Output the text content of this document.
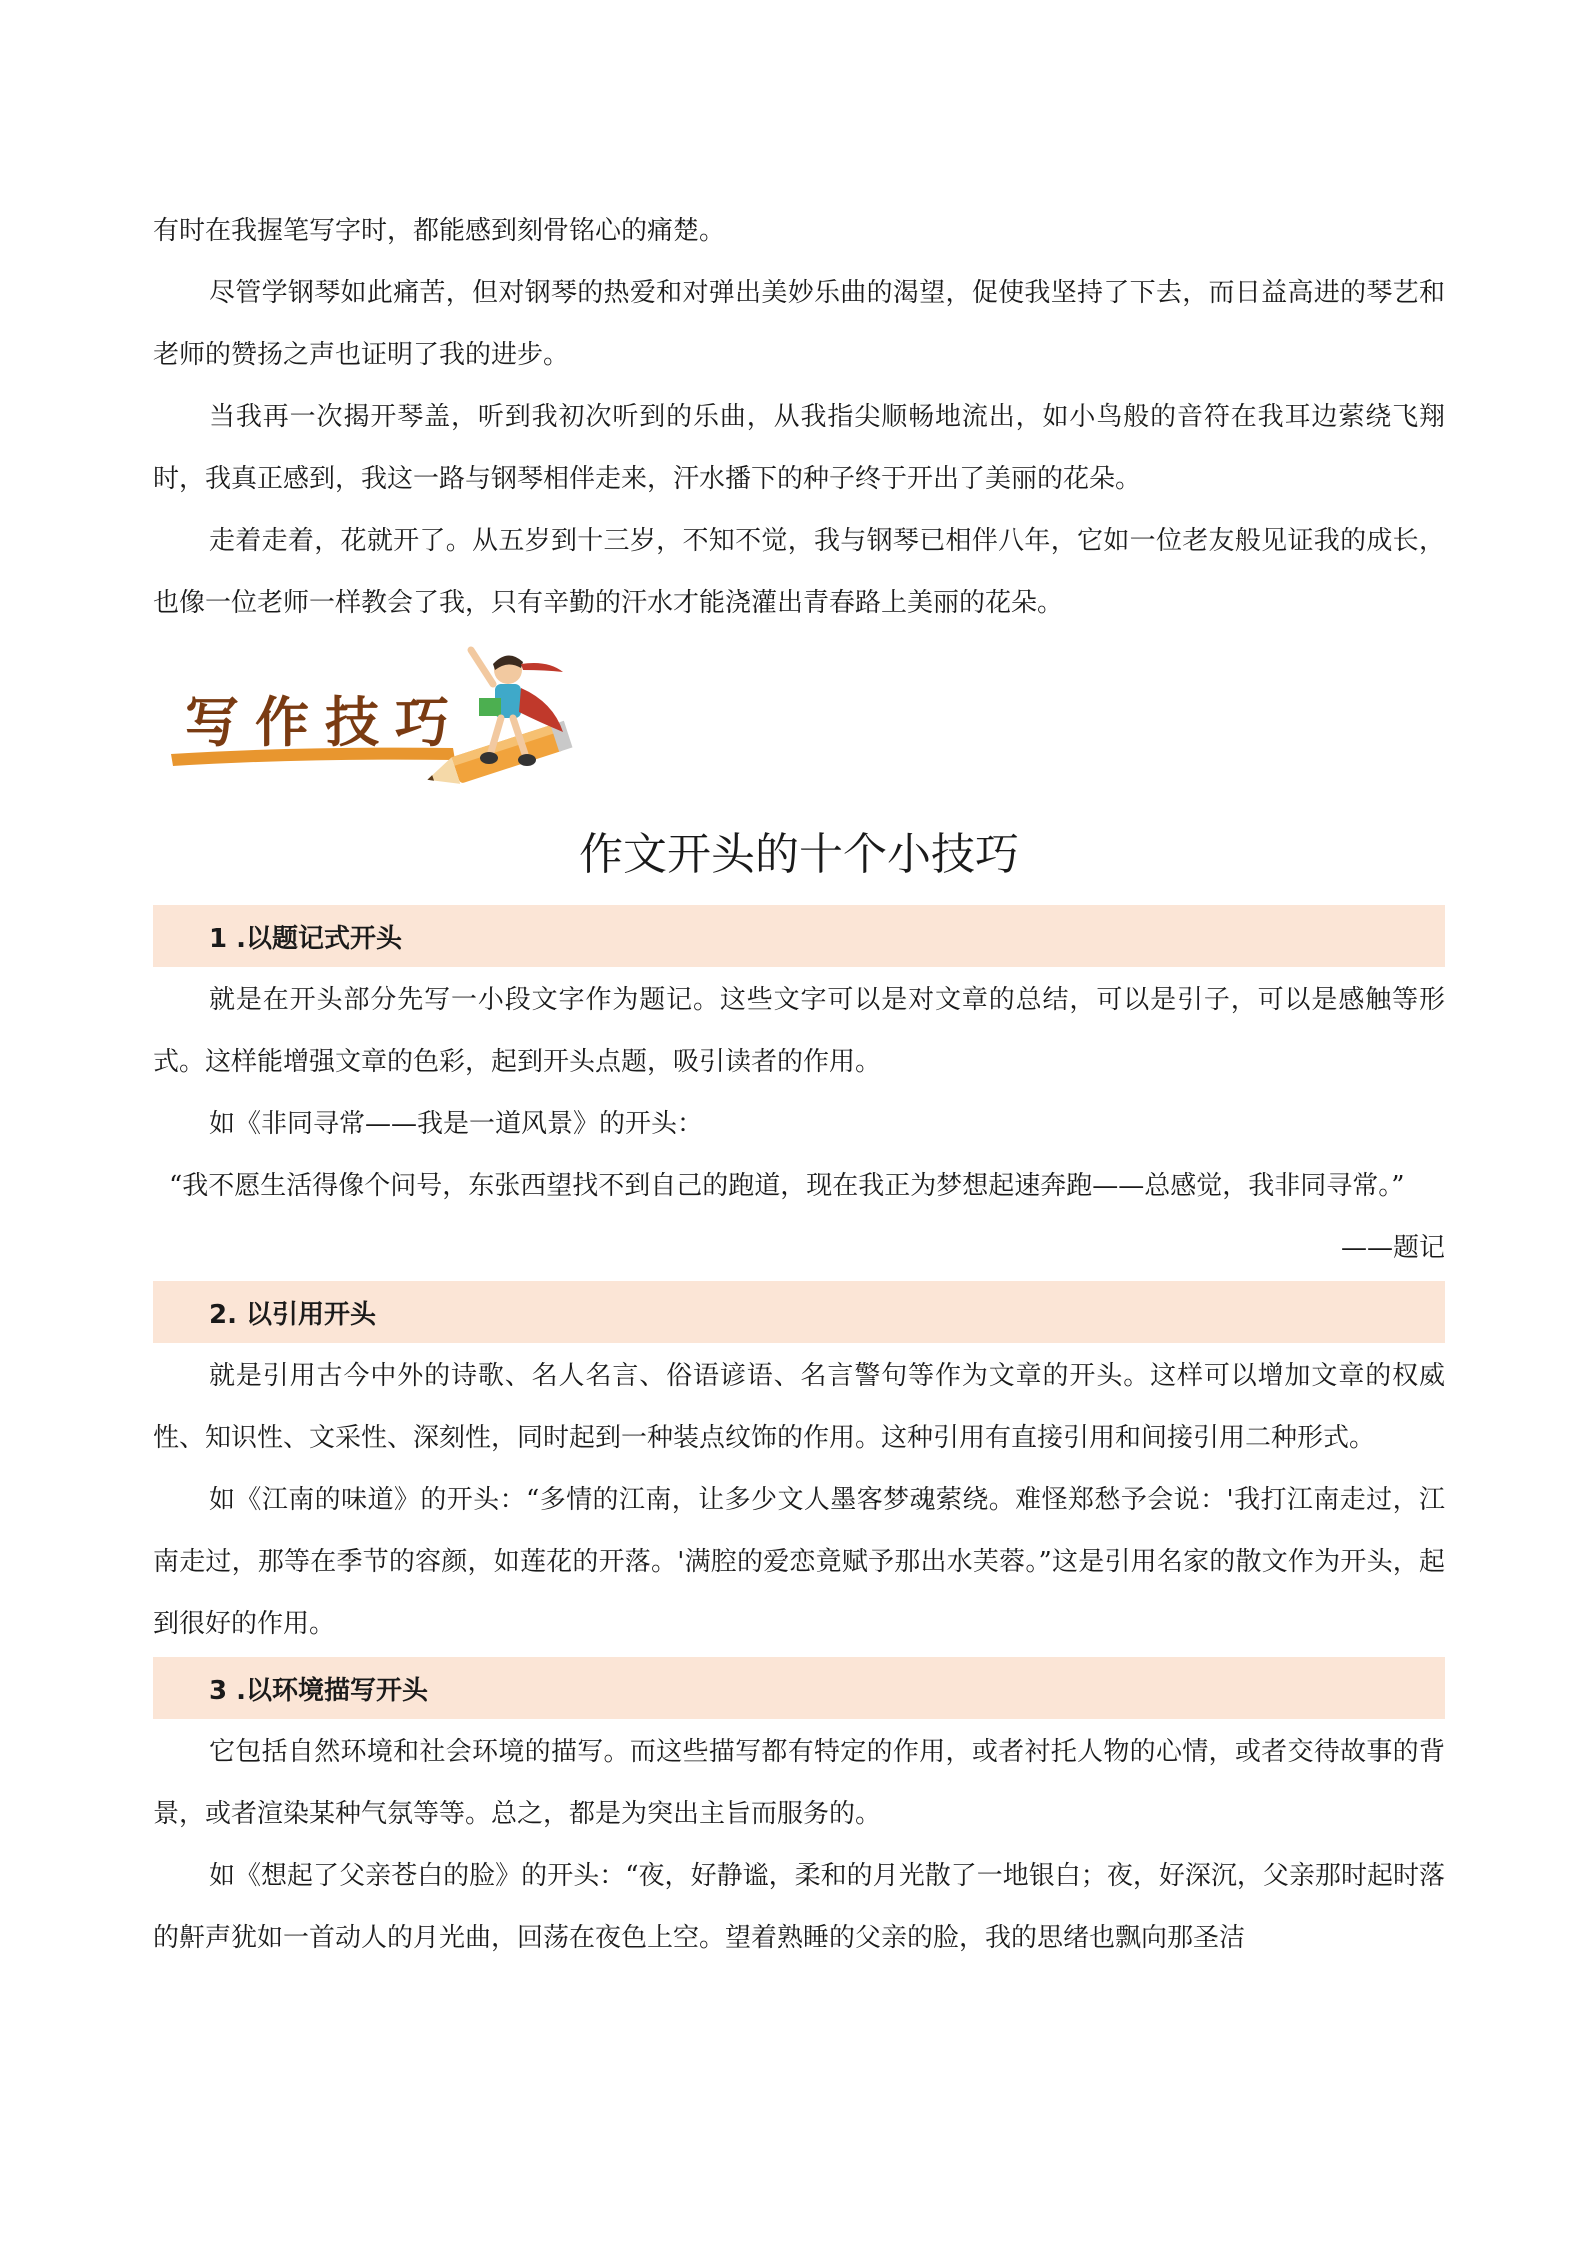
有时在我握笔写字时，都能感到刻骨铭心的痛楚。

尽管学钢琴如此痛苦，但对钢琴的热爱和对弹出美妙乐曲的渴望，促使我坚持了下去，而日益高进的琴艺和老师的赞扬之声也证明了我的进步。

当我再一次揭开琴盖，听到我初次听到的乐曲，从我指尖顺畅地流出，如小鸟般的音符在我耳边萦绕飞翔时，我真正感到，我这一路与钢琴相伴走来，汗水播下的种子终于开出了美丽的花朵。

走着走着，花就开了。从五岁到十三岁，不知不觉，我与钢琴已相伴八年，它如一位老友般见证我的成长，也像一位老师一样教会了我，只有辛勤的汗水才能浇灌出青春路上美丽的花朵。

写作技巧
作文开头的十个小技巧
1 .以题记式开头

就是在开头部分先写一小段文字作为题记。这些文字可以是对文章的总结，可以是引子，可以是感触等形式。这样能增强文章的色彩，起到开头点题，吸引读者的作用。

如《非同寻常——我是一道风景》的开头：

“我不愿生活得像个问号，东张西望找不到自己的跑道，现在我正为梦想起速奔跑——总感觉，我非同寻常。”

——题记

2. 以引用开头

就是引用古今中外的诗歌、名人名言、俗语谚语、名言警句等作为文章的开头。这样可以增加文章的权威性、知识性、文采性、深刻性，同时起到一种装点纹饰的作用。这种引用有直接引用和间接引用二种形式。

如《江南的味道》的开头：“多情的江南，让多少文人墨客梦魂萦绕。难怪郑愁予会说：'我打江南走过，江南走过，那等在季节的容颜，如莲花的开落。'满腔的爱恋竟赋予那出水芙蓉。”这是引用名家的散文作为开头，起到很好的作用。

3 .以环境描写开头

它包括自然环境和社会环境的描写。而这些描写都有特定的作用，或者衬托人物的心情，或者交待故事的背景，或者渲染某种气氛等等。总之，都是为突出主旨而服务的。

如《想起了父亲苍白的脸》的开头：“夜，好静谧，柔和的月光散了一地银白；夜，好深沉，父亲那时起时落的鼾声犹如一首动人的月光曲，回荡在夜色上空。望着熟睡的父亲的脸，我的思绪也飘向那圣洁
